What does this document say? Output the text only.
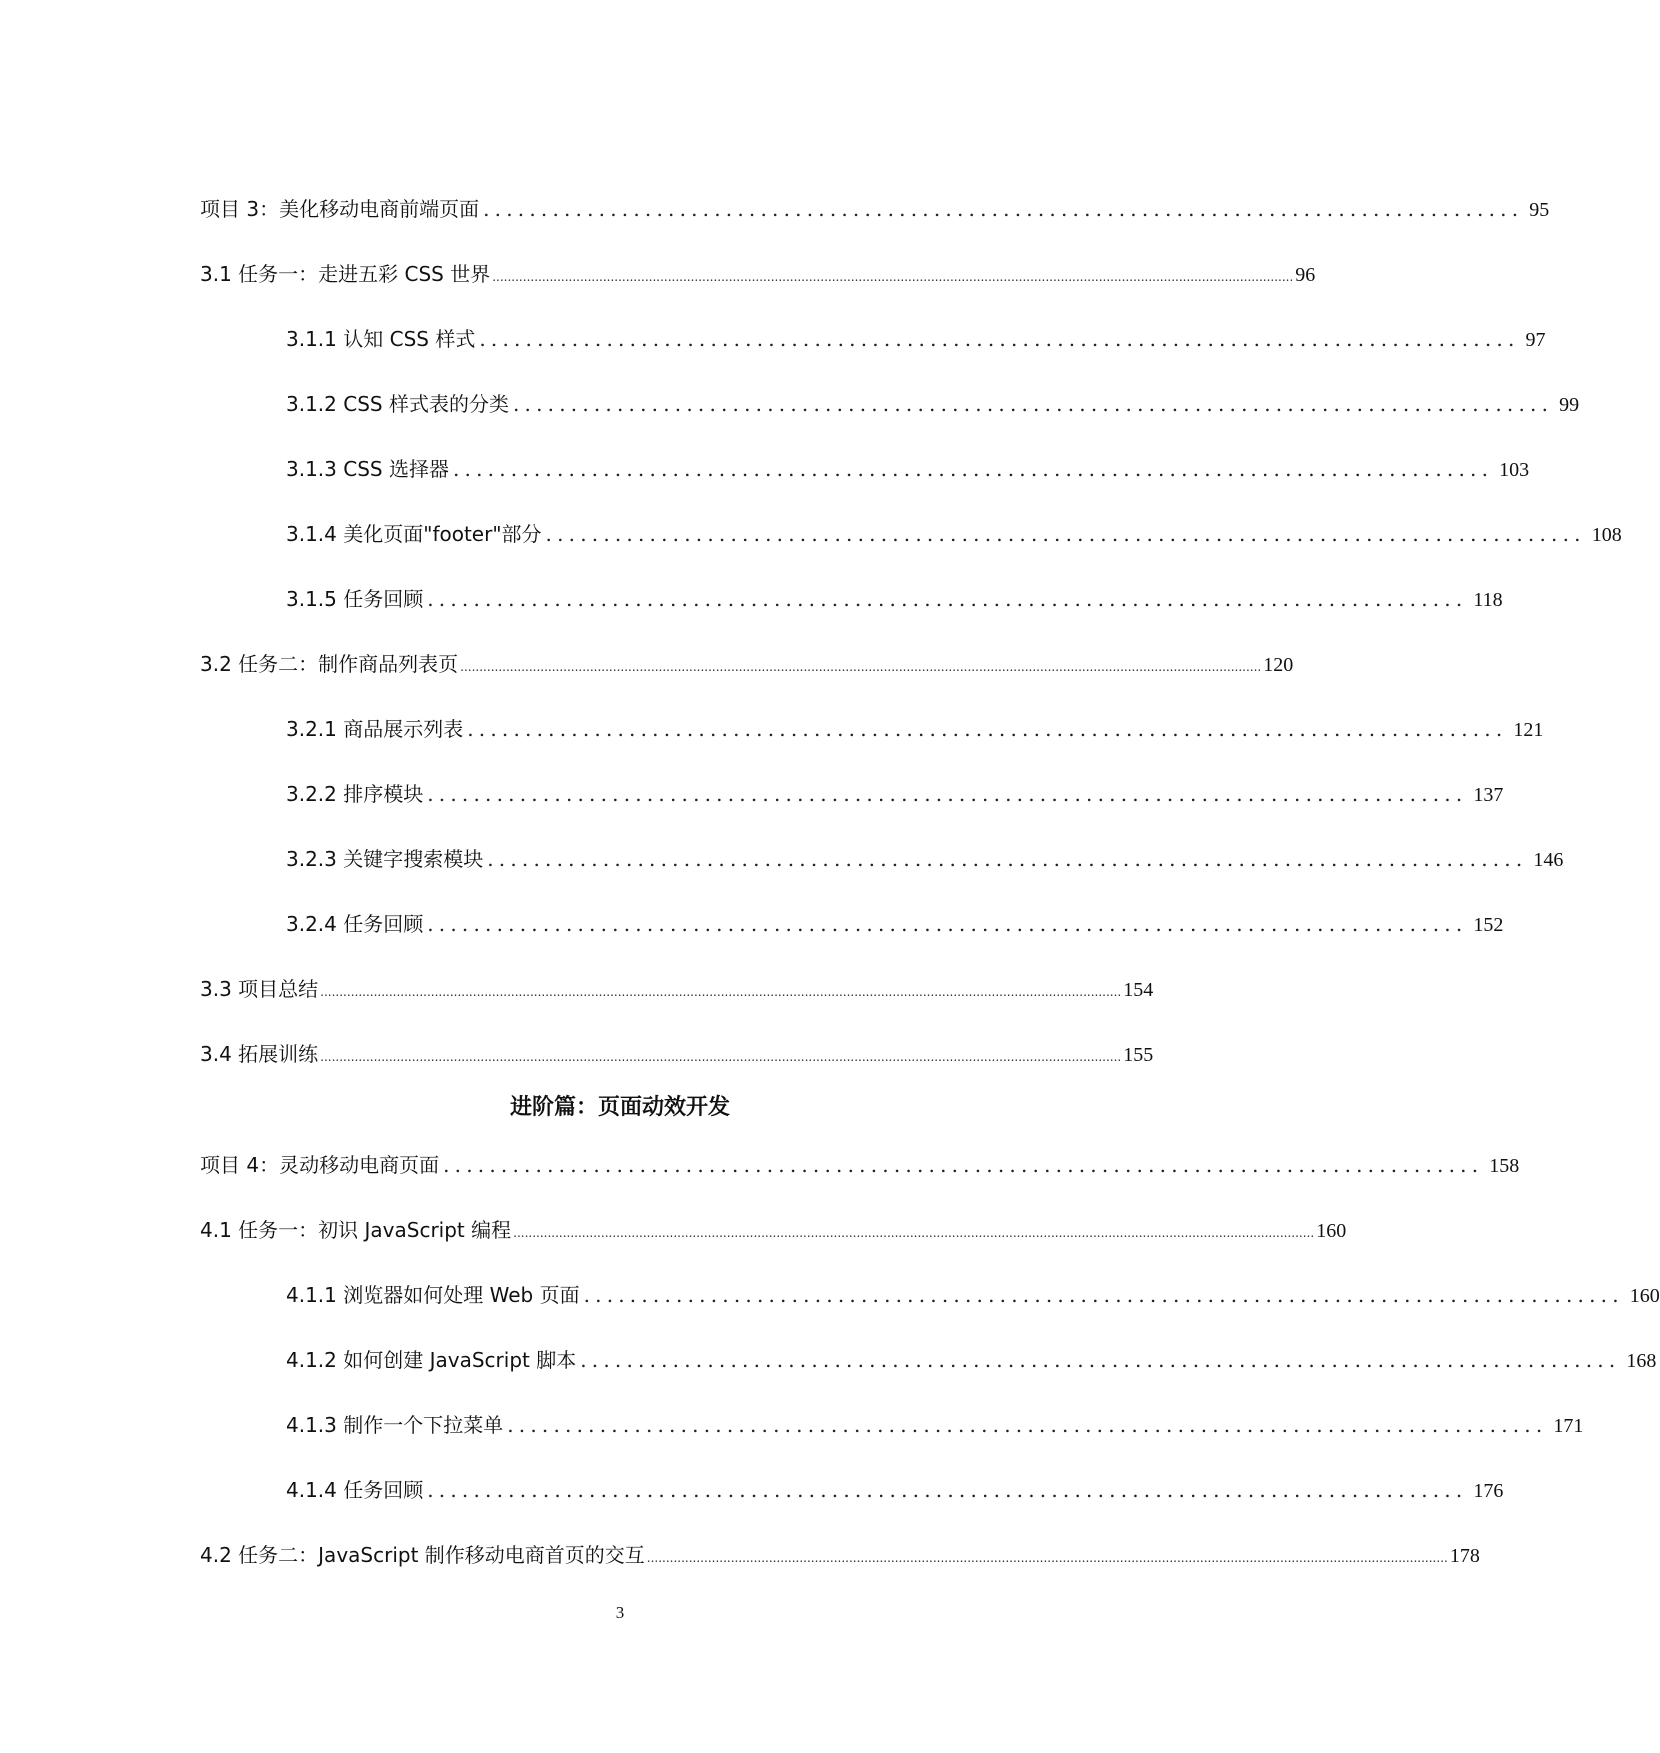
项目 3：美化移动电商前端页面 .......................................................................................... 95
3.1 任务一：走进五彩 CSS 世界 .................................................................................................................................................................................................................. 96
3.1.1 认知 CSS 样式 .......................................................................................... 97
3.1.2 CSS 样式表的分类 .......................................................................................... 99
3.1.3 CSS 选择器 .......................................................................................... 103
3.1.4 美化页面"footer"部分 .......................................................................................... 108
3.1.5 任务回顾 .......................................................................................... 118
3.2 任务二：制作商品列表页 .................................................................................................................................................................................................................. 120
3.2.1 商品展示列表 .......................................................................................... 121
3.2.2 排序模块 .......................................................................................... 137
3.2.3 关键字搜索模块 .......................................................................................... 146
3.2.4 任务回顾 .......................................................................................... 152
3.3 项目总结 .................................................................................................................................................................................................................. 154
3.4 拓展训练 .................................................................................................................................................................................................................. 155
进阶篇：页面动效开发
项目 4：灵动移动电商页面 .......................................................................................... 158
4.1 任务一：初识 JavaScript 编程 .................................................................................................................................................................................................................. 160
4.1.1 浏览器如何处理 Web 页面 .......................................................................................... 160
4.1.2 如何创建 JavaScript 脚本 .......................................................................................... 168
4.1.3 制作一个下拉菜单 .......................................................................................... 171
4.1.4 任务回顾 .......................................................................................... 176
4.2 任务二：JavaScript 制作移动电商首页的交互 .................................................................................................................................................................................................................. 178
3
